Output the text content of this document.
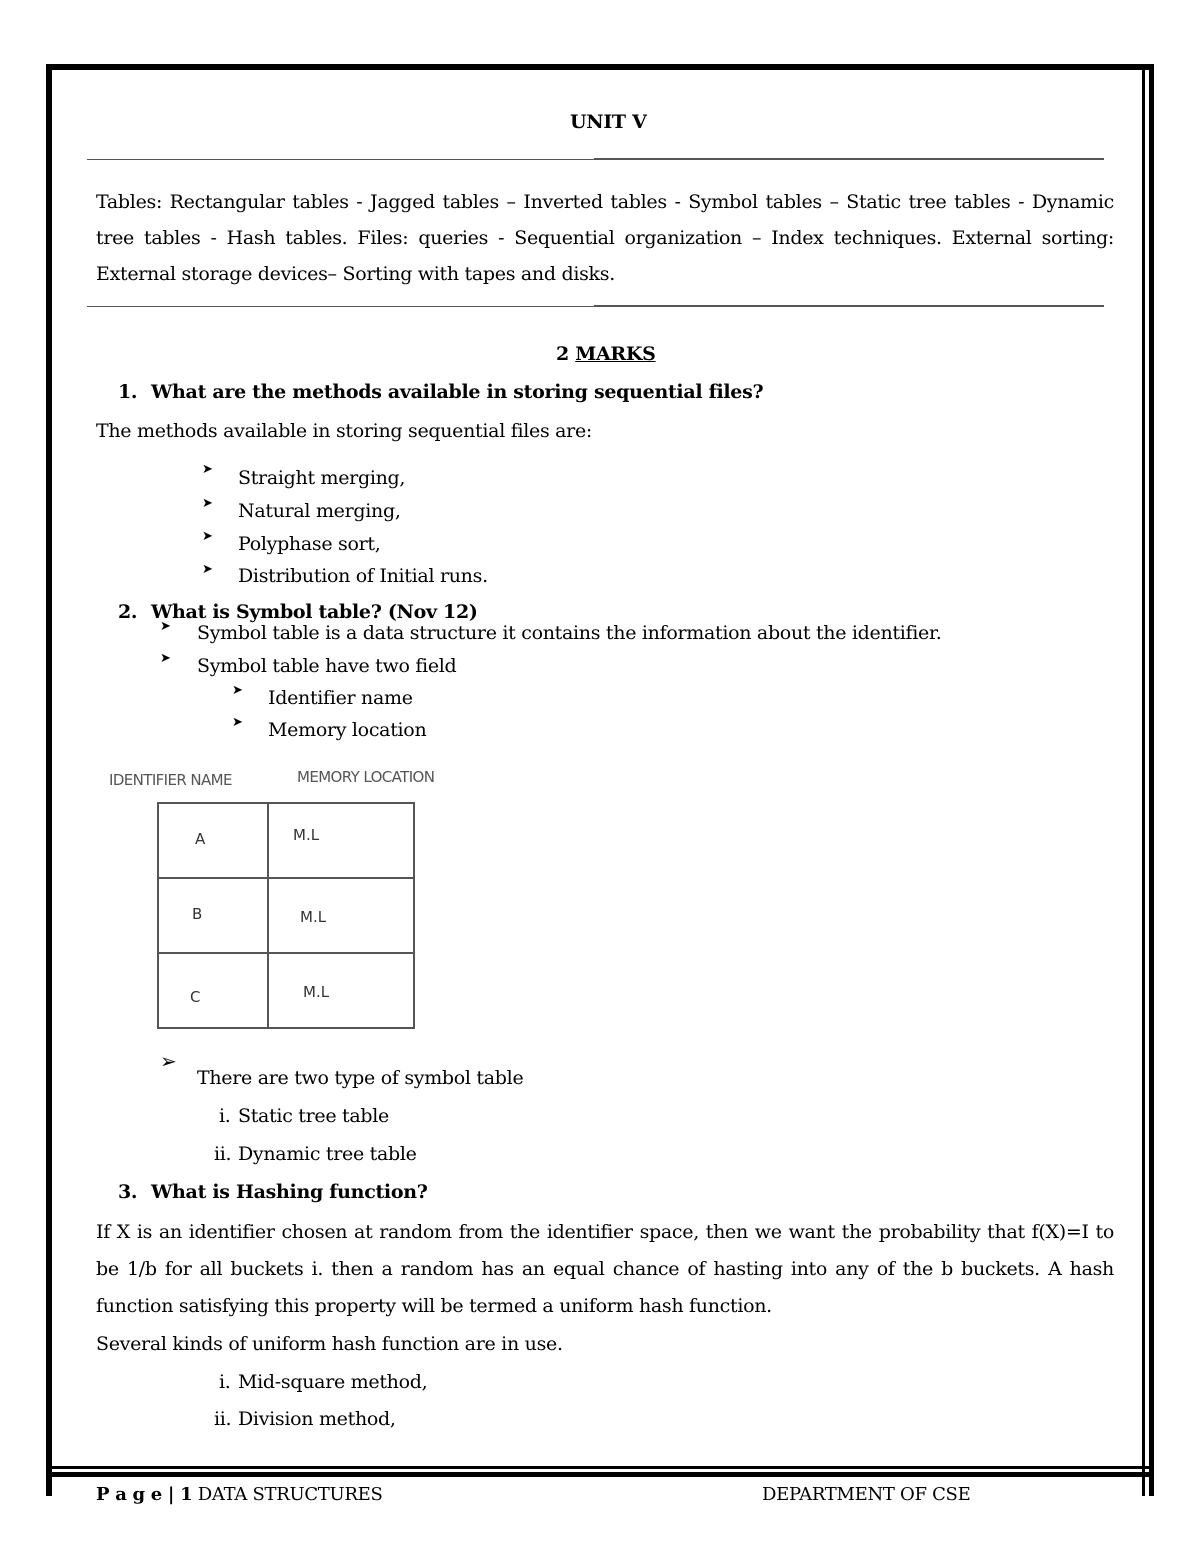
UNIT V
Tables: Rectangular tables - Jagged tables – Inverted tables - Symbol tables – Static tree tables - Dynamic tree tables - Hash tables. Files: queries - Sequential organization – Index techniques. External sorting: External storage devices– Sorting with tapes and disks.
2 MARKS
1. What are the methods available in storing sequential files?
The methods available in storing sequential files are:
➤ Straight merging,
➤ Natural merging,
➤ Polyphase sort,
➤ Distribution of Initial runs.
2. What is Symbol table? (Nov 12)
➤ Symbol table is a data structure it contains the information about the identifier.
➤ Symbol table have two field
➤ Identifier name
➤ Memory location
IDENTIFIER NAME	MEMORY LOCATION

A	M.L
B	M.L
C	M.L
➢
There are two type of symbol table
i. Static tree table
ii. Dynamic tree table
3. What is Hashing function?
If X is an identifier chosen at random from the identifier space, then we want the probability that f(X)=I to be 1/b for all buckets i. then a random has an equal chance of hasting into any of the b buckets. A hash function satisfying this property will be termed a uniform hash function.
Several kinds of uniform hash function are in use.
i. Mid-square method,
ii. Division method,
P a g e | 1 DATA STRUCTURES	DEPARTMENT OF CSE
